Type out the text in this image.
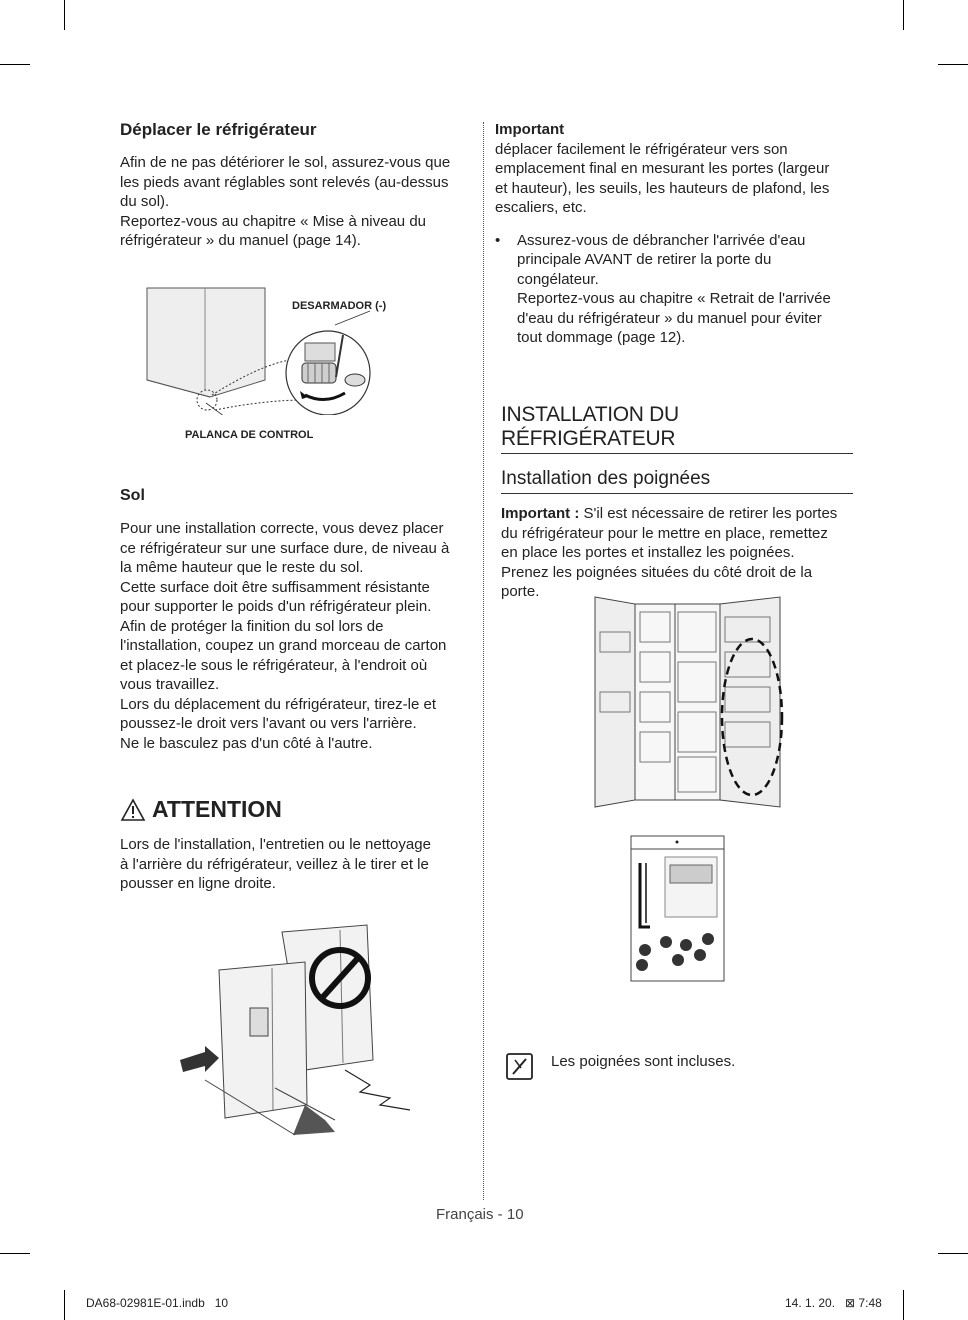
Déplacer le réfrigérateur

Afin de ne pas détériorer le sol, assurez-vous que

les pieds avant réglables sont relevés (au-dessus

du sol).

Reportez-vous au chapitre « Mise à niveau du

réfrigérateur » du manuel (page 14).

DESARMADOR (-)
PALANCA DE CONTROL

Sol

Pour une installation correcte, vous devez placer

ce réfrigérateur sur une surface dure, de niveau à

la même hauteur que le reste du sol.

Cette surface doit être suffisamment résistante

pour supporter le poids d'un réfrigérateur plein.

Afin de protéger la finition du sol lors de

l'installation, coupez un grand morceau de carton

et placez-le sous le réfrigérateur, à l'endroit où

vous travaillez.

Lors du déplacement du réfrigérateur, tirez-le et

poussez-le droit vers l'avant ou vers l'arrière.

Ne le basculez pas d'un côté à l'autre.

ATTENTION

Lors de l'installation, l'entretien ou le nettoyage

à l'arrière du réfrigérateur, veillez à le tirer et le

pousser en ligne droite.

Important

déplacer facilement le réfrigérateur vers son

emplacement final en mesurant les portes (largeur

et hauteur), les seuils, les hauteurs de plafond, les

escaliers, etc.

• Assurez-vous de débrancher l'arrivée d'eau

principale AVANT de retirer la porte du

congélateur.

Reportez-vous au chapitre « Retrait de l'arrivée

d'eau du réfrigérateur » du manuel pour éviter

tout dommage (page 12).

INSTALLATION DU RÉFRIGÉRATEUR

Installation des poignées

Important : S'il est nécessaire de retirer les portes

du réfrigérateur pour le mettre en place, remettez

en place les portes et installez les poignées.

Prenez les poignées situées du côté droit de la

porte.

Les poignées sont incluses.
Français - 10
DA68-02981E-01.indb   10	14. 1. 20.   ⊠ 7:48
